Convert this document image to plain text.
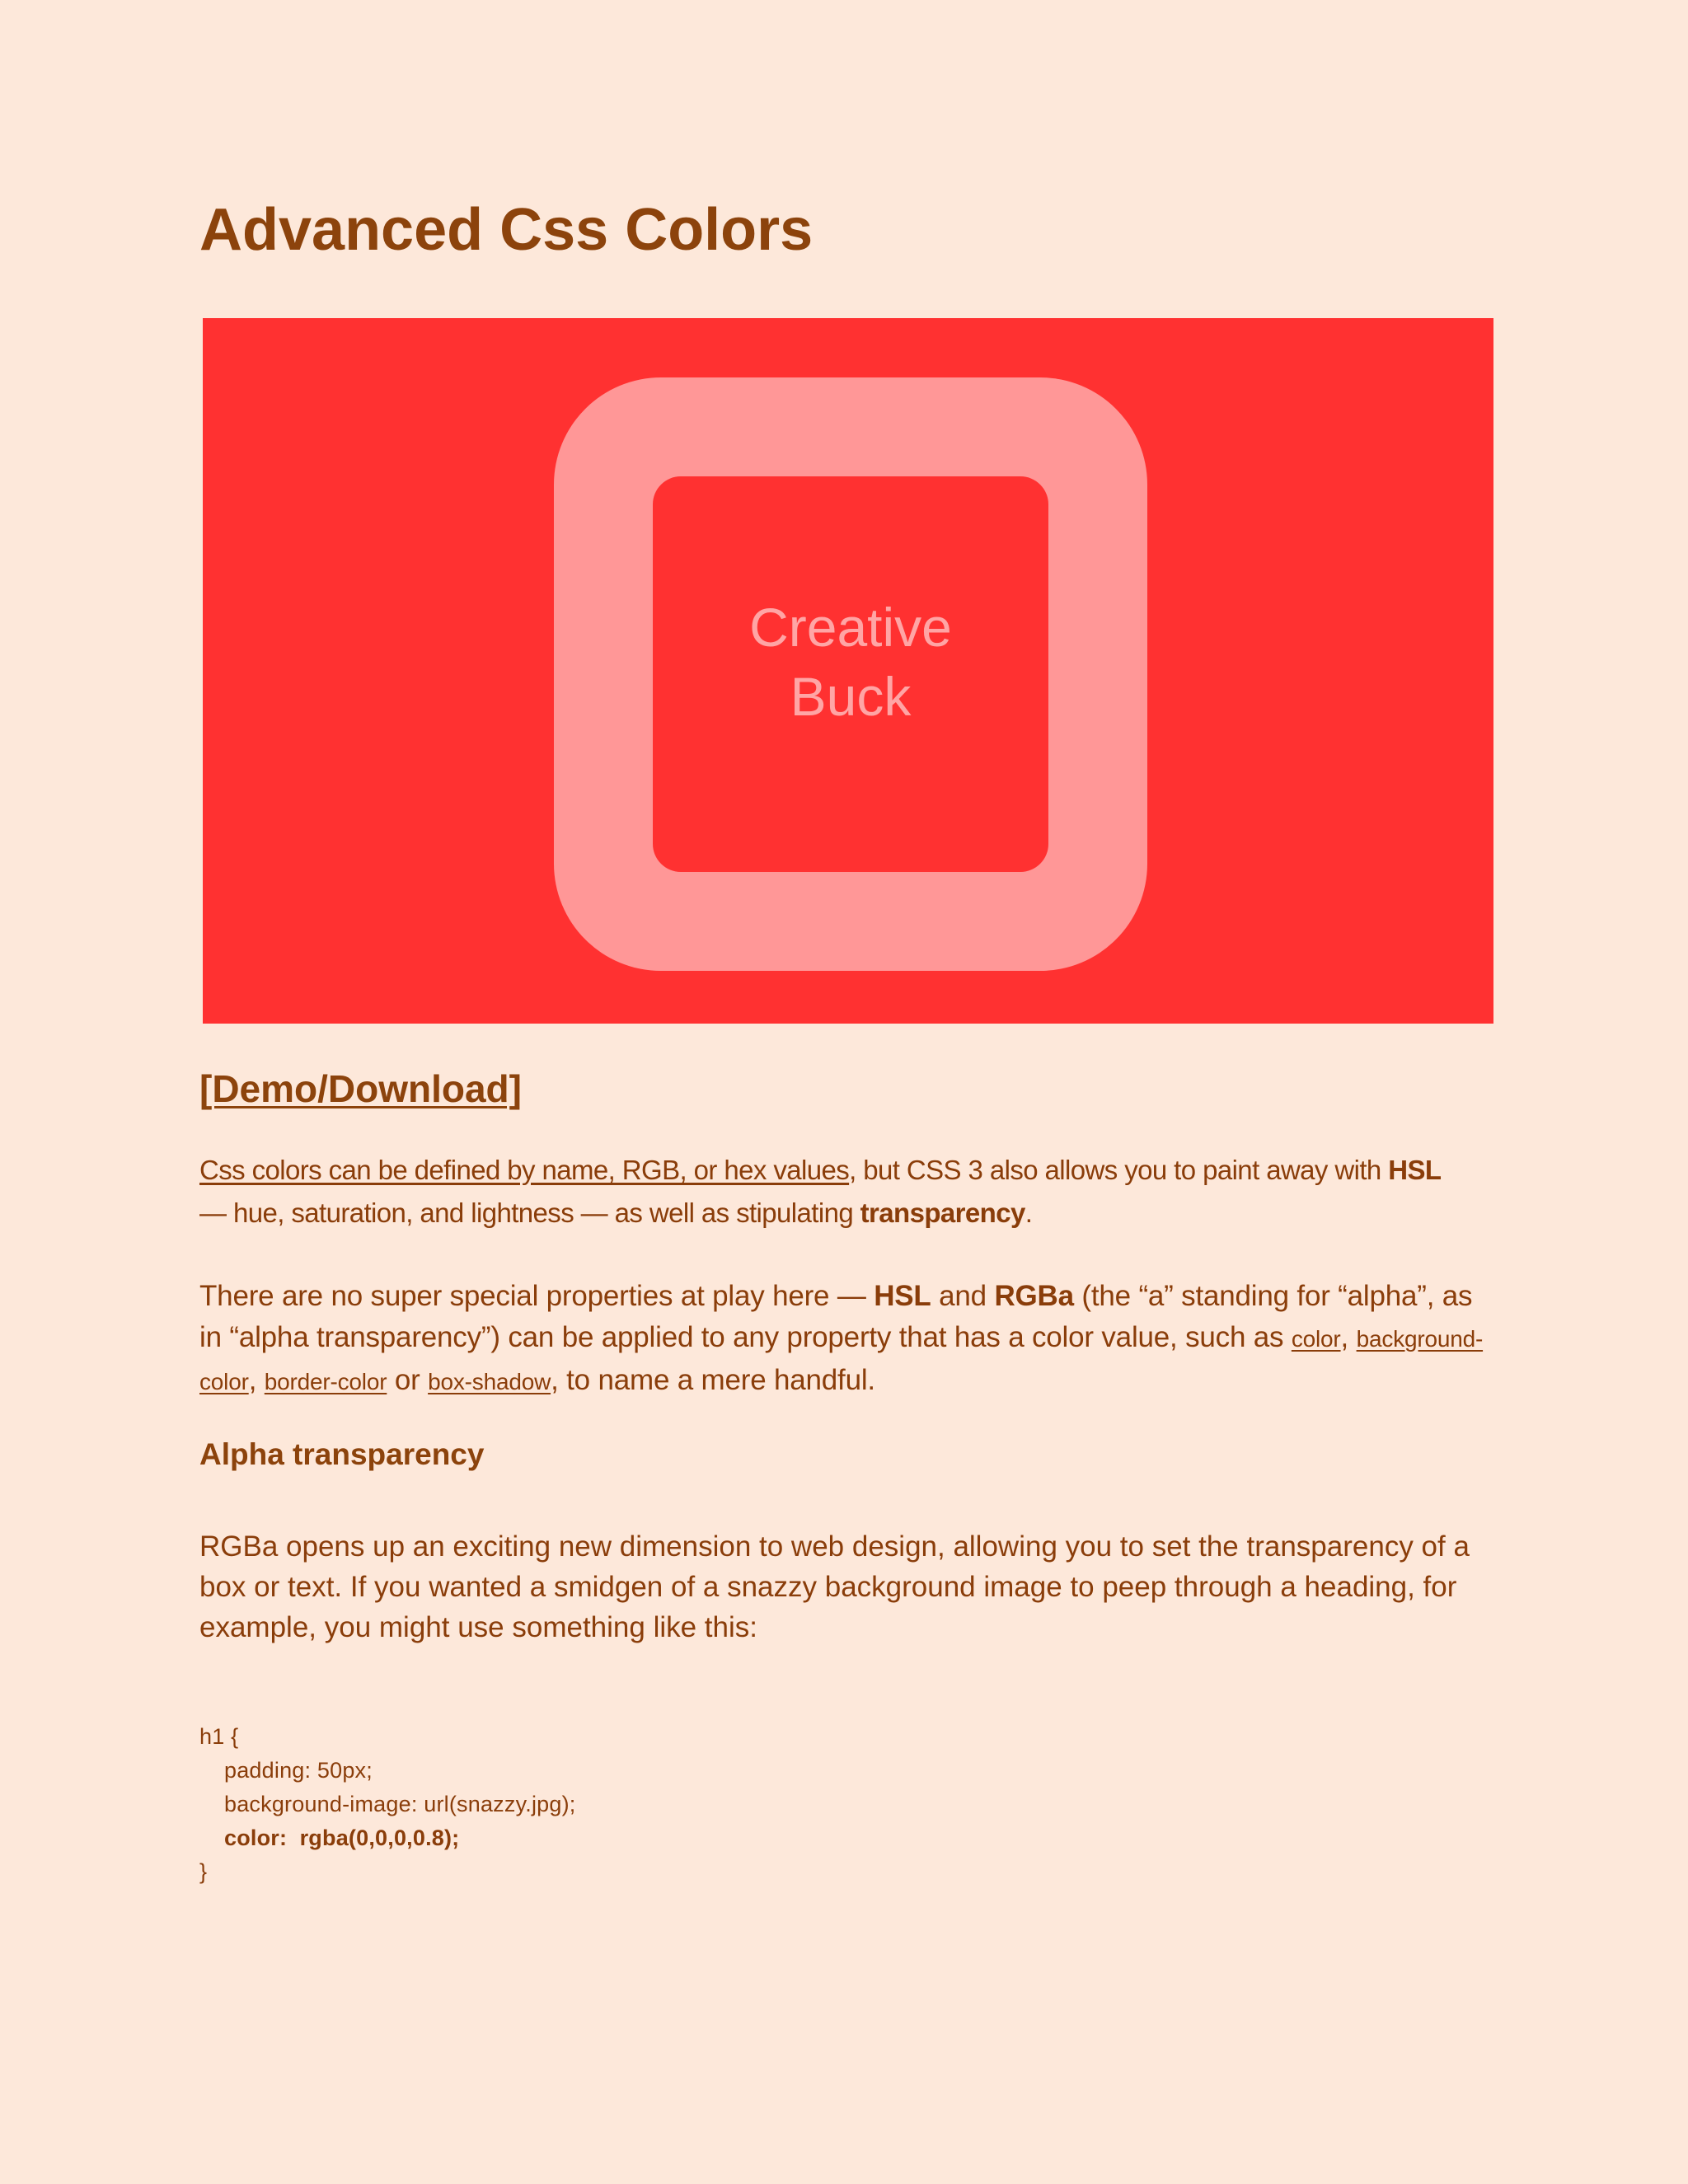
Advanced Css Colors
Creative
Buck
[Demo/Download]

Css colors can be defined by name, RGB, or hex values, but CSS 3 also allows you to paint away with HSL
— hue, saturation, and lightness — as well as stipulating transparency.

There are no super special properties at play here — HSL and RGBa (the “a” standing for “alpha”, as in “alpha transparency”) can be applied to any property that has a color value, such as color, background-color, border-color or box-shadow, to name a mere handful.

Alpha transparency

RGBa opens up an exciting new dimension to web design, allowing you to set the transparency of a box or text. If you wanted a smidgen of a snazzy background image to peep through a heading, for example, you might use something like this:

h1 {
padding: 50px;
background-image: url(snazzy.jpg);
color:  rgba(0,0,0,0.8);
}
